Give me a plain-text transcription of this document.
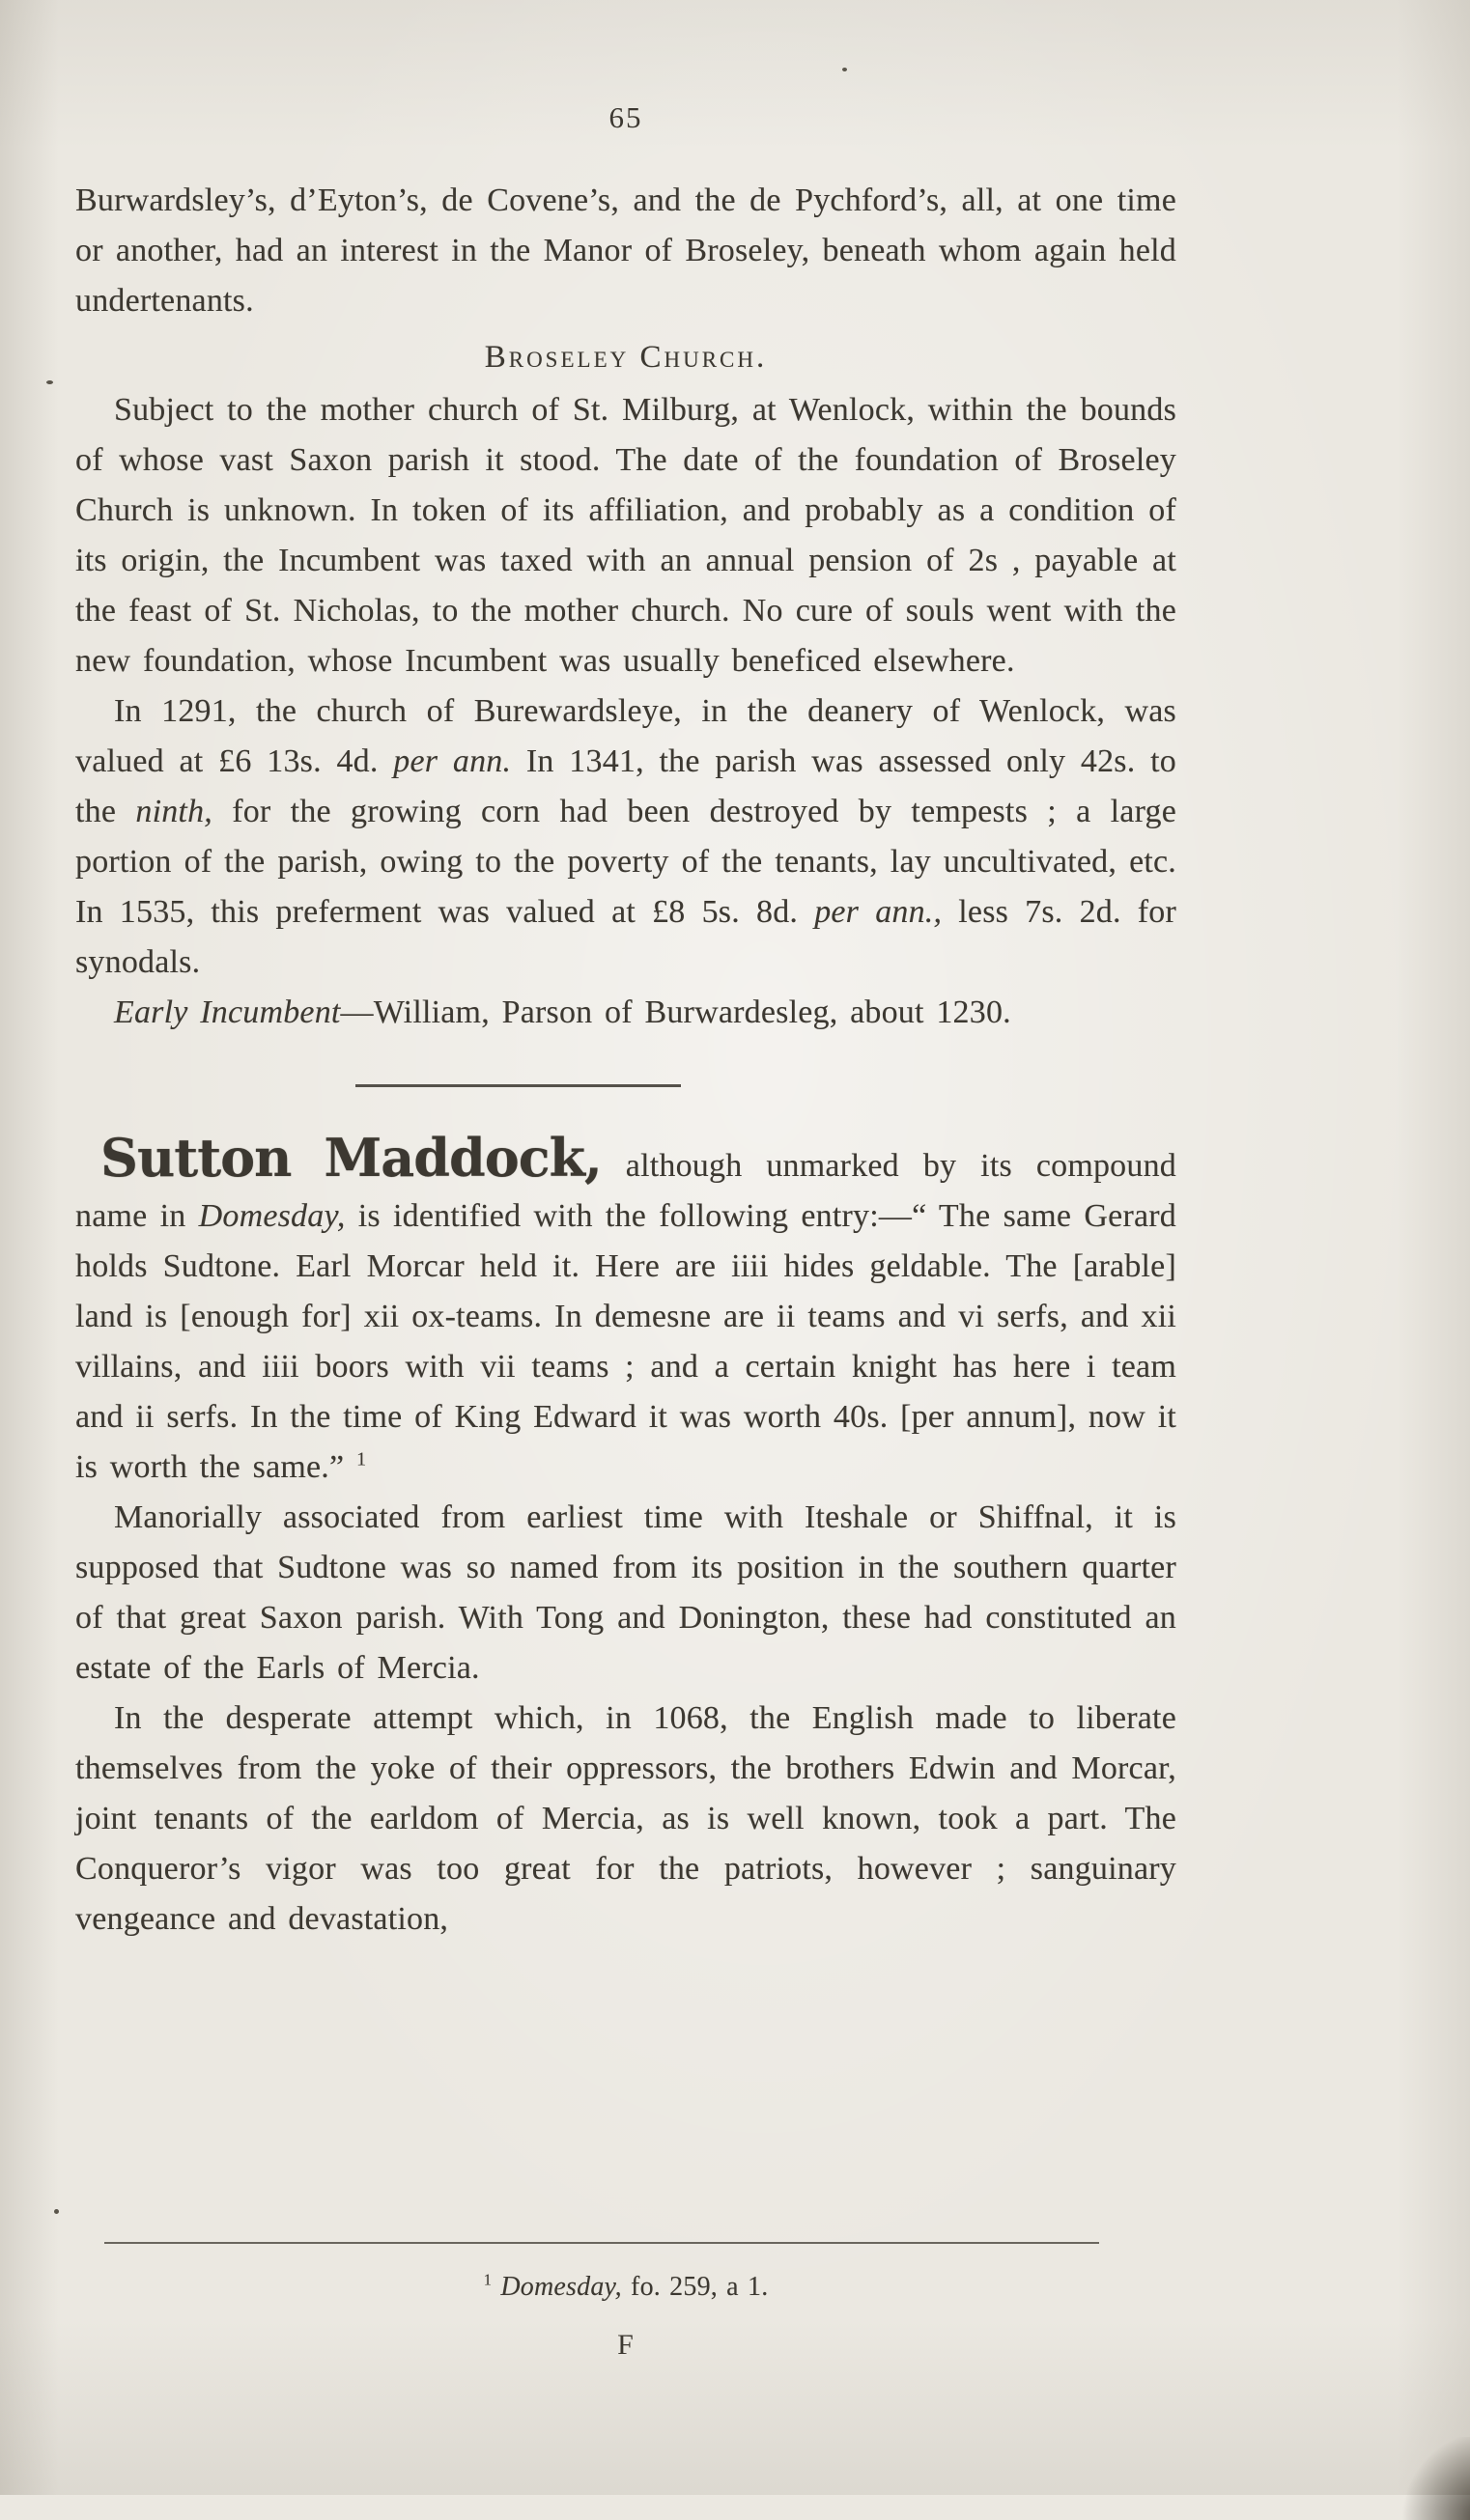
65

Burwardsley’s, d’Eyton’s, de Covene’s, and the de Pychford’s, all, at one time or another, had an interest in the Manor of Broseley, beneath whom again held undertenants.

Broseley Church.

Subject to the mother church of St. Milburg, at Wenlock, within the bounds of whose vast Saxon parish it stood. The date of the foundation of Broseley Church is unknown. In token of its affiliation, and probably as a condition of its origin, the Incumbent was taxed with an annual pension of 2s , payable at the feast of St. Nicholas, to the mother church. No cure of souls went with the new foundation, whose Incumbent was usually beneficed elsewhere.

In 1291, the church of Burewardsleye, in the deanery of Wenlock, was valued at £6 13s. 4d. per ann. In 1341, the parish was assessed only 42s. to the ninth, for the growing corn had been destroyed by tempests ; a large portion of the parish, owing to the poverty of the tenants, lay uncultivated, etc. In 1535, this preferment was valued at £8 5s. 8d. per ann., less 7s. 2d. for synodals.

Early Incumbent—William, Parson of Burwardesleg, about 1230.

Sutton Maddock, although unmarked by its compound name in Domesday, is identified with the following entry:—“ The same Gerard holds Sudtone. Earl Morcar held it. Here are iiii hides geldable. The [arable] land is [enough for] xii ox-teams. In demesne are ii teams and vi serfs, and xii villains, and iiii boors with vii teams ; and a certain knight has here i team and ii serfs. In the time of King Edward it was worth 40s. [per annum], now it is worth the same.” $^1$

Manorially associated from earliest time with Iteshale or Shiffnal, it is supposed that Sudtone was so named from its position in the southern quarter of that great Saxon parish. With Tong and Donington, these had constituted an estate of the Earls of Mercia.

In the desperate attempt which, in 1068, the English made to liberate themselves from the yoke of their oppressors, the brothers Edwin and Morcar, joint tenants of the earldom of Mercia, as is well known, took a part. The Conqueror’s vigor was too great for the patriots, however ; sanguinary vengeance and devastation,

$^1$ Domesday, fo. 259, a 1.

F
